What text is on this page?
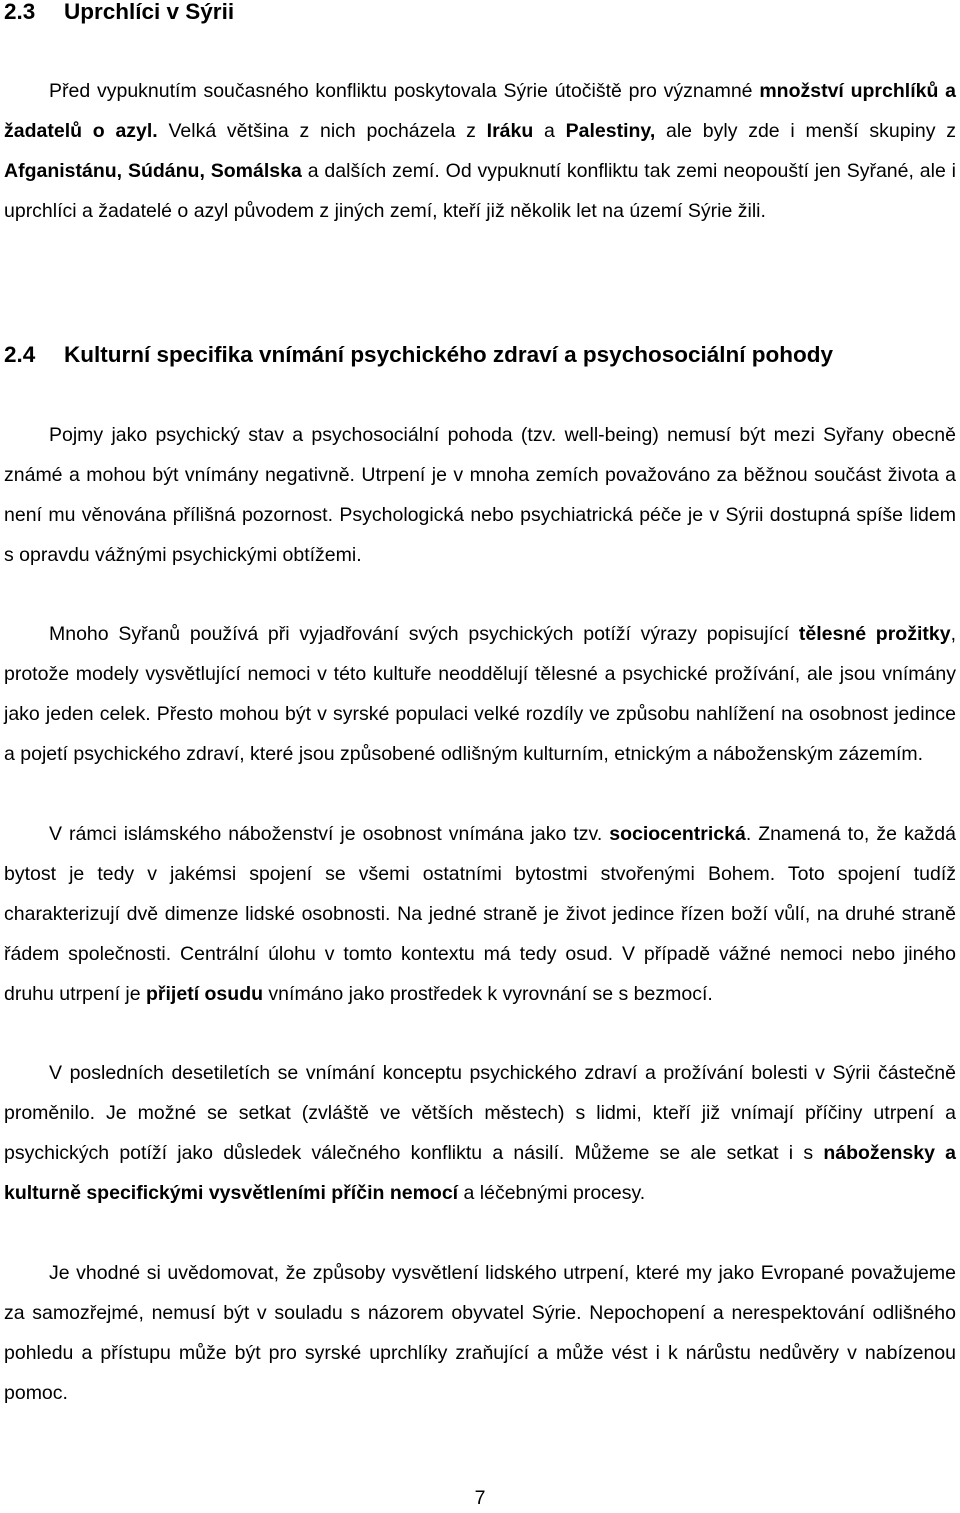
2.3 Uprchlíci v Sýrii

Před vypuknutím současného konfliktu poskytovala Sýrie útočiště pro významné množství uprchlíků a žadatelů o azyl. Velká většina z nich pocházela z Iráku a Palestiny, ale byly zde i menší skupiny z Afganistánu, Súdánu, Somálska a dalších zemí. Od vypuknutí konfliktu tak zemi neopouští jen Syřané, ale i uprchlíci a žadatelé o azyl původem z jiných zemí, kteří již několik let na území Sýrie žili.

2.4 Kulturní specifika vnímání psychického zdraví a psychosociální pohody

Pojmy jako psychický stav a psychosociální pohoda (tzv. well-being) nemusí být mezi Syřany obecně známé a mohou být vnímány negativně. Utrpení je v mnoha zemích považováno za běžnou součást života a není mu věnována přílišná pozornost. Psychologická nebo psychiatrická péče je v Sýrii dostupná spíše lidem s opravdu vážnými psychickými obtížemi.

Mnoho Syřanů používá při vyjadřování svých psychických potíží výrazy popisující tělesné prožitky, protože modely vysvětlující nemoci v této kultuře neoddělují tělesné a psychické prožívání, ale jsou vnímány jako jeden celek. Přesto mohou být v syrské populaci velké rozdíly ve způsobu nahlížení na osobnost jedince a pojetí psychického zdraví, které jsou způsobené odlišným kulturním, etnickým a náboženským zázemím.

V rámci islámského náboženství je osobnost vnímána jako tzv. sociocentrická. Znamená to, že každá bytost je tedy v jakémsi spojení se všemi ostatními bytostmi stvořenými Bohem. Toto spojení tudíž charakterizují dvě dimenze lidské osobnosti. Na jedné straně je život jedince řízen boží vůlí, na druhé straně řádem společnosti. Centrální úlohu v tomto kontextu má tedy osud. V případě vážné nemoci nebo jiného druhu utrpení je přijetí osudu vnímáno jako prostředek k vyrovnání se s bezmocí.

V posledních desetiletích se vnímání konceptu psychického zdraví a prožívání bolesti v Sýrii částečně proměnilo. Je možné se setkat (zvláště ve větších městech) s lidmi, kteří již vnímají příčiny utrpení a psychických potíží jako důsledek válečného konfliktu a násilí. Můžeme se ale setkat i s nábožensky a kulturně specifickými vysvětleními příčin nemocí a léčebnými procesy.

Je vhodné si uvědomovat, že způsoby vysvětlení lidského utrpení, které my jako Evropané považujeme za samozřejmé, nemusí být v souladu s názorem obyvatel Sýrie. Nepochopení a nerespektování odlišného pohledu a přístupu může být pro syrské uprchlíky zraňující a může vést i k nárůstu nedůvěry v nabízenou pomoc.

7
